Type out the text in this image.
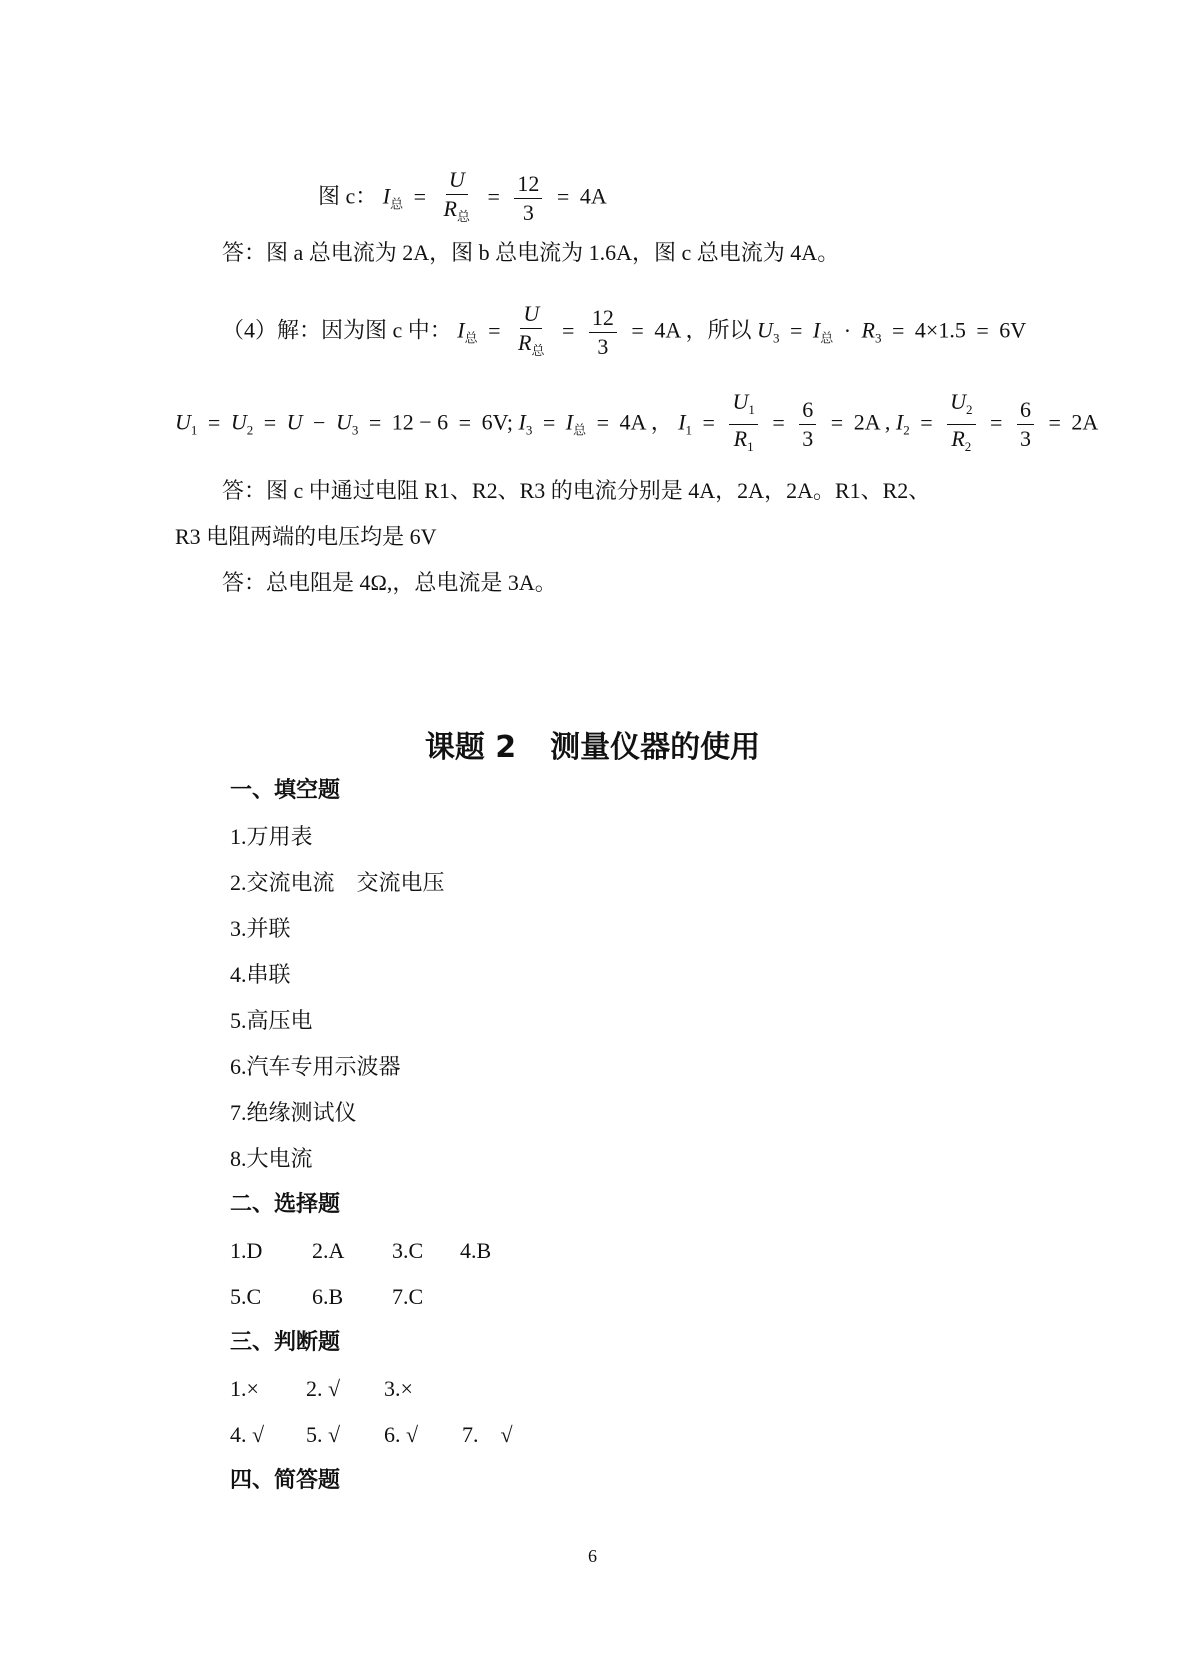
图 c： $I_总 = \frac{U}{R_总} = \frac{12}{3} = 4A$
答：图 a 总电流为 2A，图 b 总电流为 1.6A，图 c 总电流为 4A。
（4）解：因为图 c 中： $I_总 = \frac{U}{R_总} = \frac{12}{3} = 4A$ ，所以 $U_3 = I_总 \cdot R_3 = 4\times 1.5 = 6V$
$U_1 = U_2 = U - U_3 = 12 - 6 = 6V$; $I_3 = I_总 = 4A$ ， $I_1 = \frac{U_1}{R_1} = \frac{6}{3} = 2A$ , $I_2 = \frac{U_2}{R_2} = \frac{6}{3} = 2A$
答：图 c 中通过电阻 R1、R2、R3 的电流分别是 4A，2A，2A。R1、R2、
R3 电阻两端的电压均是 6V
答：总电阻是 4Ω,，总电流是 3A。
课题 2 测量仪器的使用
一、填空题
1.万用表
2.交流电流　交流电压
3.并联
4.串联
5.高压电
6.汽车专用示波器
7.绝缘测试仪
8.大电流
二、选择题
1.D 2.A 3.C 4.B
5.C 6.B 7.C
三、判断题
1.× 2. √ 3.×
4. √ 5. √ 6. √ 7.　√
四、简答题
6
